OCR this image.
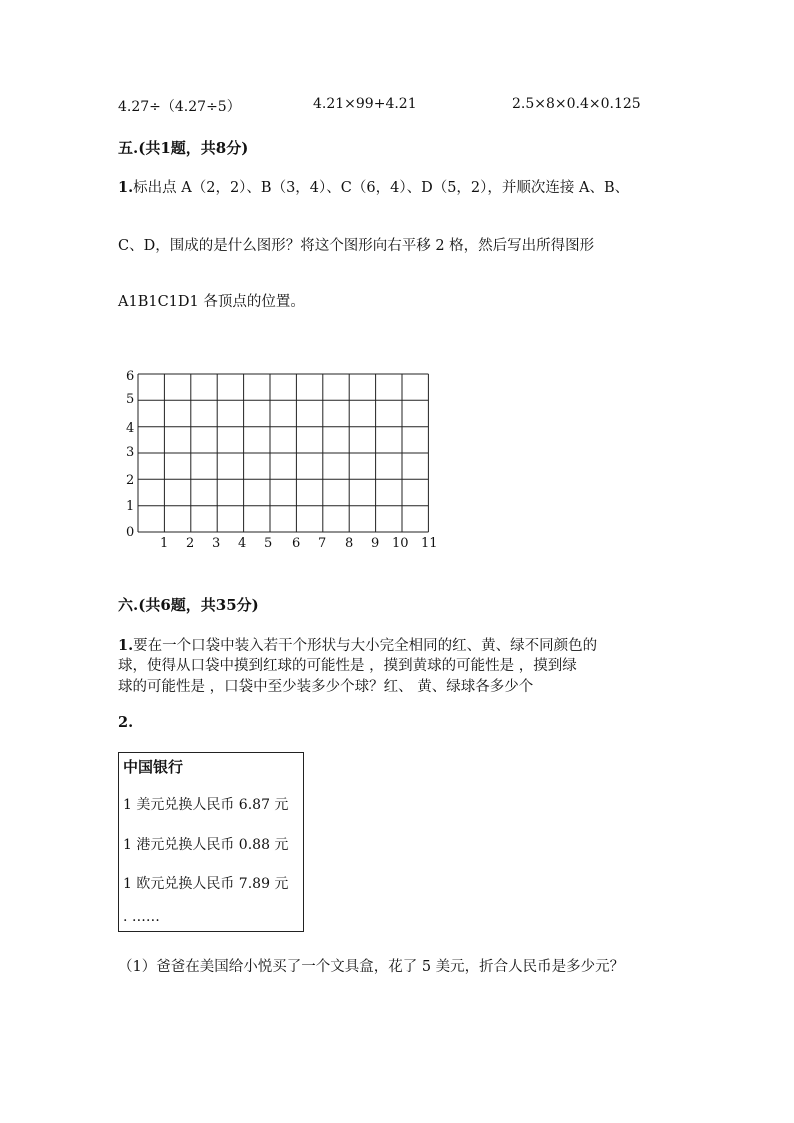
4.27÷（4.27÷5）	4.21×99+4.21	2.5×8×0.4×0.125
五.(共1题，共8分)
1.标出点 A（2，2）、B（3，4）、C（6，4）、D（5，2），并顺次连接 A、B、
C、D，围成的是什么图形？将这个图形向右平移 2 格，然后写出所得图形
A1B1C1D1 各顶点的位置。
0
1
2
3
4
5
6
1 2 3 4 5 6 7 8 9 10 11
六.(共6题，共35分)
1.要在一个口袋中装入若干个形状与大小完全相同的红、黄、绿不同颜色的
球，使得从口袋中摸到红球的可能性是 ，摸到黄球的可能性是 ，摸到绿
球的可能性是 ，口袋中至少装多少个球？红、 黄、绿球各多少个
2.
中国银行
1 美元兑换人民币 6.87 元
1 港元兑换人民币 0.88 元
1 欧元兑换人民币 7.89 元
. ……
（1）爸爸在美国给小悦买了一个文具盒，花了 5 美元，折合人民币是多少元？
